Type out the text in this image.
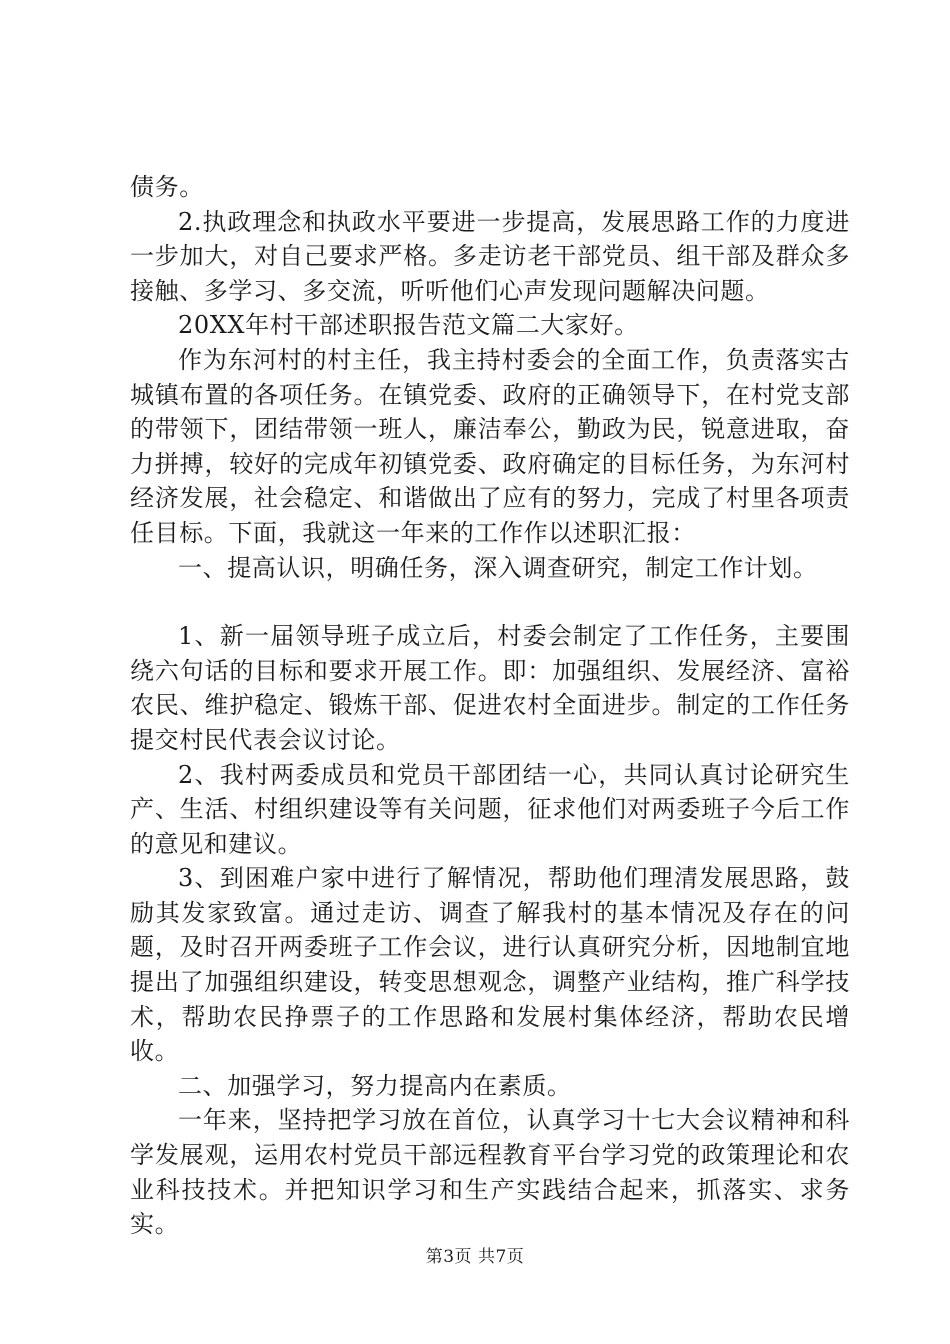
债务。

2.执政理念和执政水平要进一步提高，发展思路工作的力度进一步加大，对自己要求严格。多走访老干部党员、组干部及群众多接触、多学习、多交流，听听他们心声发现问题解决问题。

20XX年村干部述职报告范文篇二大家好。

作为东河村的村主任，我主持村委会的全面工作，负责落实古城镇布置的各项任务。在镇党委、政府的正确领导下，在村党支部的带领下，团结带领一班人，廉洁奉公，勤政为民，锐意进取，奋力拼搏，较好的完成年初镇党委、政府确定的目标任务，为东河村经济发展，社会稳定、和谐做出了应有的努力，完成了村里各项责任目标。下面，我就这一年来的工作作以述职汇报：

一、提高认识，明确任务，深入调查研究，制定工作计划。

1、新一届领导班子成立后，村委会制定了工作任务，主要围绕六句话的目标和要求开展工作。即：加强组织、发展经济、富裕农民、维护稳定、锻炼干部、促进农村全面进步。制定的工作任务提交村民代表会议讨论。

2、我村两委成员和党员干部团结一心，共同认真讨论研究生产、生活、村组织建设等有关问题，征求他们对两委班子今后工作的意见和建议。

3、到困难户家中进行了解情况，帮助他们理清发展思路，鼓励其发家致富。通过走访、调查了解我村的基本情况及存在的问题，及时召开两委班子工作会议，进行认真研究分析，因地制宜地提出了加强组织建设，转变思想观念，调整产业结构，推广科学技术，帮助农民挣票子的工作思路和发展村集体经济，帮助农民增收。

二、加强学习，努力提高内在素质。

一年来，坚持把学习放在首位，认真学习十七大会议精神和科学发展观，运用农村党员干部远程教育平台学习党的政策理论和农业科技技术。并把知识学习和生产实践结合起来，抓落实、求务实。

第3页 共7页
